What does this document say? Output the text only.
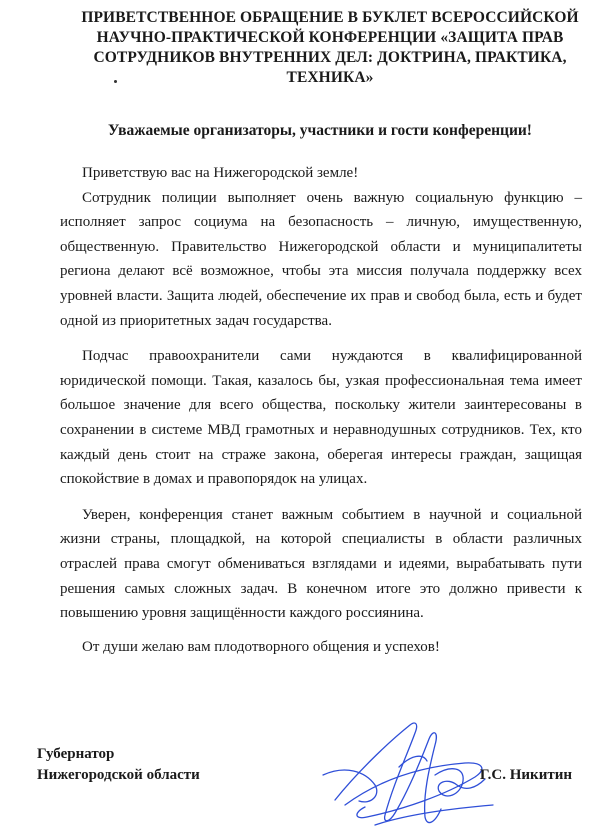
ПРИВЕТСТВЕННОЕ ОБРАЩЕНИЕ В БУКЛЕТ ВСЕРОССИЙСКОЙ НАУЧНО-ПРАКТИЧЕСКОЙ КОНФЕРЕНЦИИ «ЗАЩИТА ПРАВ СОТРУДНИКОВ ВНУТРЕННИХ ДЕЛ: ДОКТРИНА, ПРАКТИКА, ТЕХНИКА»

Уважаемые организаторы, участники и гости конференции!

Приветствую вас на Нижегородской земле!

Сотрудник полиции выполняет очень важную социальную функцию – исполняет запрос социума на безопасность – личную, имущественную, общественную. Правительство Нижегородской области и муниципалитеты региона делают всё возможное, чтобы эта миссия получала поддержку всех уровней власти. Защита людей, обеспечение их прав и свобод была, есть и будет одной из приоритетных задач государства.

Подчас правоохранители сами нуждаются в квалифицированной юридической помощи. Такая, казалось бы, узкая профессиональная тема имеет большое значение для всего общества, поскольку жители заинтересованы в сохранении в системе МВД грамотных и неравнодушных сотрудников. Тех, кто каждый день стоит на страже закона, оберегая интересы граждан, защищая спокойствие в домах и правопорядок на улицах.

Уверен, конференция станет важным событием в научной и социальной жизни страны, площадкой, на которой специалисты в области различных отраслей права смогут обмениваться взглядами и идеями, вырабатывать пути решения самых сложных задач. В конечном итоге это должно привести к повышению уровня защищённости каждого россиянина.

От души желаю вам плодотворного общения и успехов!

Губернатор
Нижегородской области	Г.С. Никитин
